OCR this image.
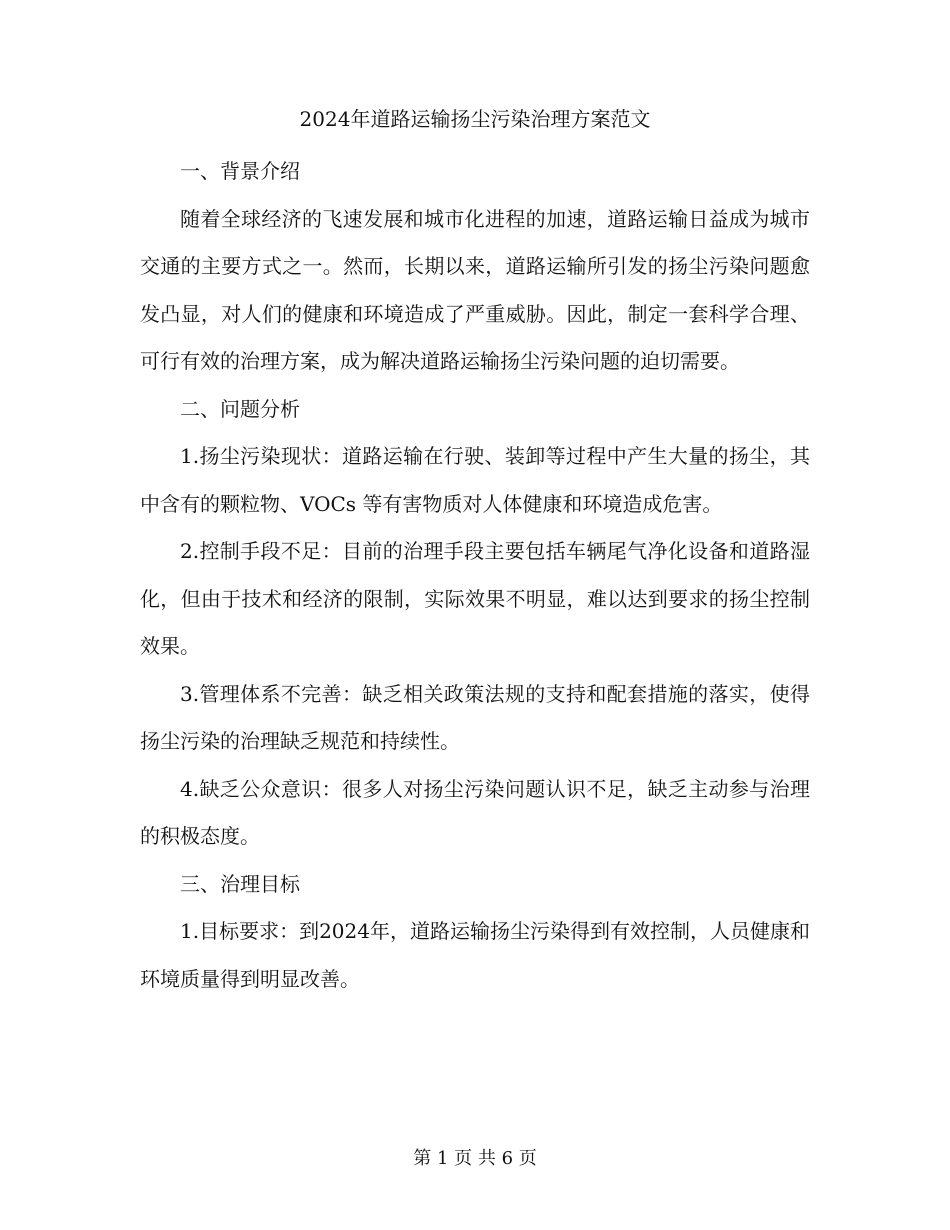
2024年道路运输扬尘污染治理方案范文

一、背景介绍

随着全球经济的飞速发展和城市化进程的加速，道路运输日益成为城市交通的主要方式之一。然而，长期以来，道路运输所引发的扬尘污染问题愈发凸显，对人们的健康和环境造成了严重威胁。因此，制定一套科学合理、可行有效的治理方案，成为解决道路运输扬尘污染问题的迫切需要。

二、问题分析

1.扬尘污染现状：道路运输在行驶、装卸等过程中产生大量的扬尘，其中含有的颗粒物、VOCs 等有害物质对人体健康和环境造成危害。

2.控制手段不足：目前的治理手段主要包括车辆尾气净化设备和道路湿化，但由于技术和经济的限制，实际效果不明显，难以达到要求的扬尘控制效果。

3.管理体系不完善：缺乏相关政策法规的支持和配套措施的落实，使得扬尘污染的治理缺乏规范和持续性。

4.缺乏公众意识：很多人对扬尘污染问题认识不足，缺乏主动参与治理的积极态度。

三、治理目标

1.目标要求：到2024年，道路运输扬尘污染得到有效控制，人员健康和环境质量得到明显改善。

第 1 页 共 6 页
